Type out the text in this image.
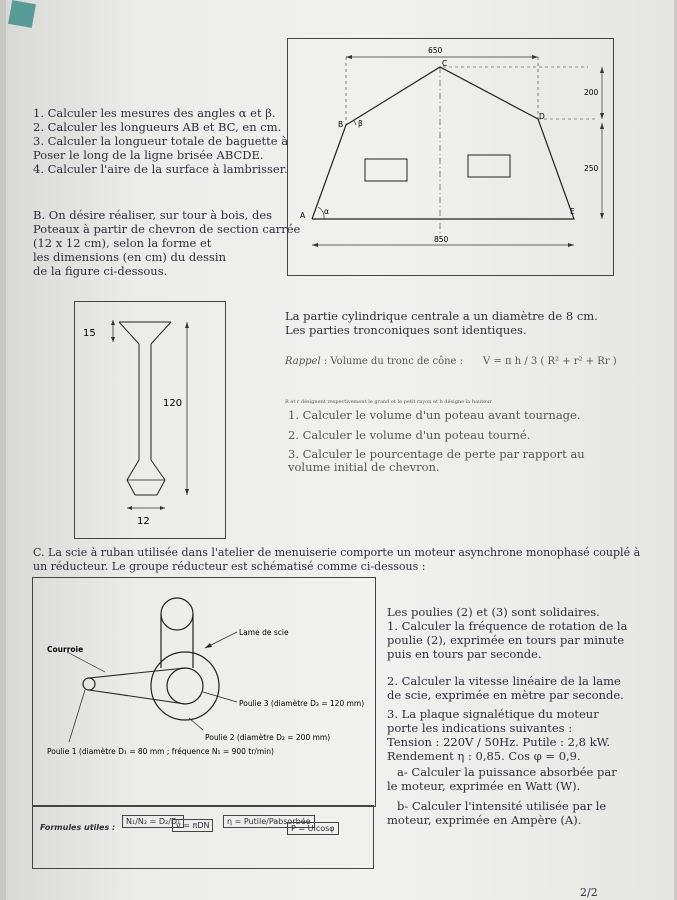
1. Calculer les mesures des angles α et β.
2. Calculer les longueurs AB et BC, en cm.
3. Calculer la longueur totale de baguette à
Poser le long de la ligne brisée ABCDE.
4. Calculer l'aire de la surface à lambrisser.
650
A	α
B β
C
D
E
200
250
850
B. On désire réaliser, sur tour à bois, des
Poteaux à partir de chevron de section carrée
(12 x 12 cm), selon la forme et
les dimensions (en cm) du dessin
de la figure ci-dessous.
15
120
12
La partie cylindrique centrale a un diamètre de 8 cm.
Les parties tronconiques sont identiques.
Rappel : Volume du tronc de cône : V = π h / 3 ( R² + r² + Rr )
R et r désignent respectivement le grand et le petit rayon et h désigne la hauteur
1. Calculer le volume d'un poteau avant tournage.
2. Calculer le volume d'un poteau tourné.
3. Calculer le pourcentage de perte par rapport au
volume initial de chevron.
C. La scie à ruban utilisée dans l'atelier de menuiserie comporte un moteur asynchrone monophasé couplé à
un réducteur. Le groupe réducteur est schématisé comme ci-dessous :
Lame de scie
Courroie
Poulie 3 (diamètre D₃ = 120 mm)
Poulie 2 (diamètre D₂ = 200 mm)
Poulie 1 (diamètre D₁ = 80 mm ; fréquence N₁ = 900 tr/min)
Formules utiles :
N₁/N₂ = D₂/D₁
v = πDN	η = Putile/Pabsorbée
P = UIcosφ
Les poulies (2) et (3) sont solidaires.
1. Calculer la fréquence de rotation de la
poulie (2), exprimée en tours par minute
puis en tours par seconde.
2. Calculer la vitesse linéaire de la lame
de scie, exprimée en mètre par seconde.
3. La plaque signalétique du moteur
porte les indications suivantes :
Tension : 220V / 50Hz. Putile : 2,8 kW.
Rendement η : 0,85. Cos φ = 0,9.
a- Calculer la puissance absorbée par
le moteur, exprimée en Watt (W).
b- Calculer l'intensité utilisée par le
moteur, exprimée en Ampère (A).
2/2
